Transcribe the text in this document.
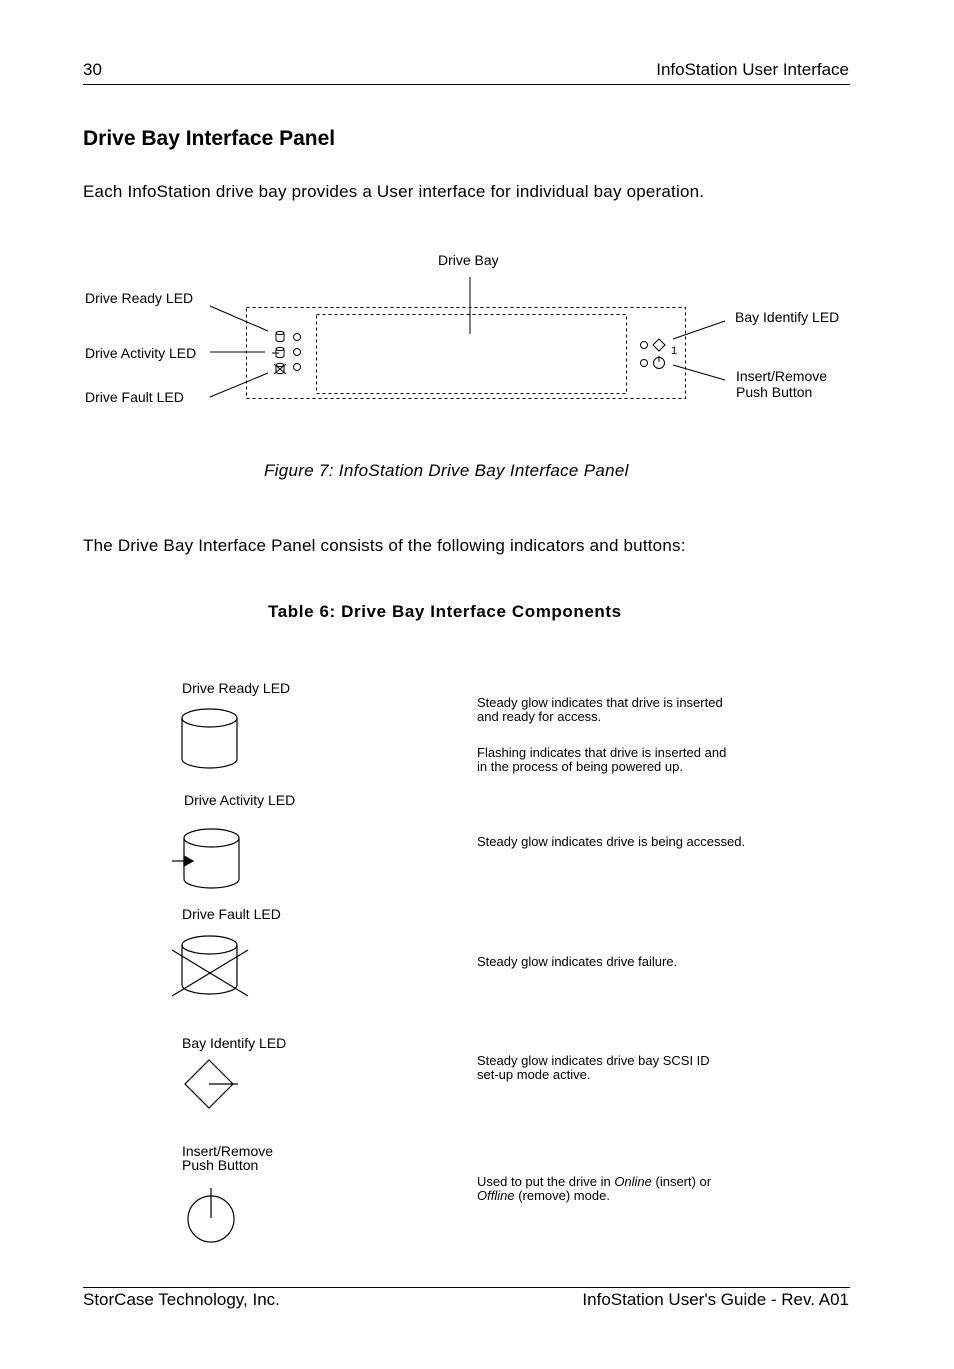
30	InfoStation User Interface
Drive Bay Interface Panel
Each InfoStation drive bay provides a User interface for individual bay operation.
Drive Bay
Drive Ready LED
Drive Activity LED
Drive Fault LED
Bay Identify LED
Insert/Remove
Push Button
1
Figure 7: InfoStation Drive Bay Interface Panel
The Drive Bay Interface Panel consists of the following indicators and buttons:
Table 6: Drive Bay Interface Components
Drive Ready LED
Drive Activity LED
Drive Fault LED
Bay Identify LED
Insert/Remove
Push Button
Steady glow indicates that drive is inserted
and ready for access.
Flashing indicates that drive is inserted and
in the process of being powered up.
Steady glow indicates drive is being accessed.
Steady glow indicates drive failure.
Steady glow indicates drive bay SCSI ID
set-up mode active.
Used to put the drive in Online (insert) or
Offline (remove) mode.
StorCase Technology, Inc.	InfoStation User's Guide - Rev. A01
